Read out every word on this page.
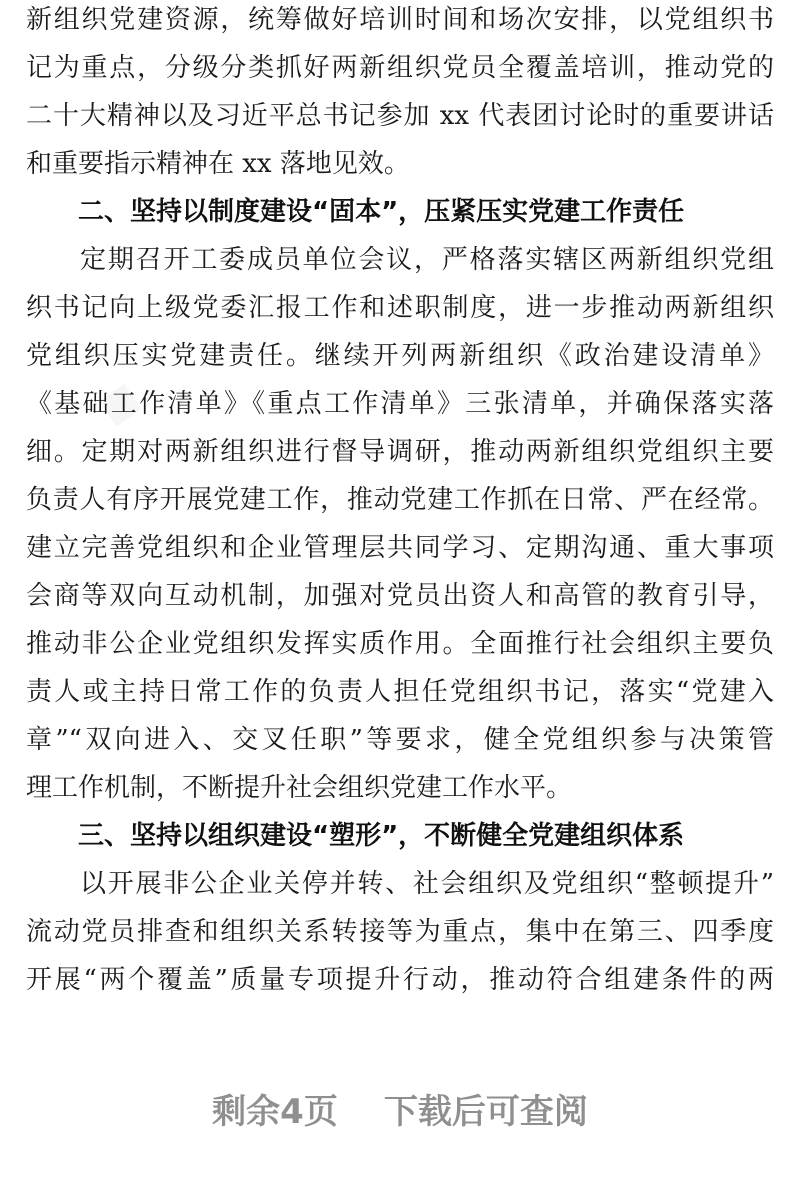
新组织党建资源，统筹做好培训时间和场次安排，以党组织书
记为重点，分级分类抓好两新组织党员全覆盖培训，推动党的
二十大精神以及习近平总书记参加 xx 代表团讨论时的重要讲话
和重要指示精神在 xx 落地见效。
二、坚持以制度建设“固本”，压紧压实党建工作责任
定期召开工委成员单位会议，严格落实辖区两新组织党组
织书记向上级党委汇报工作和述职制度，进一步推动两新组织
党组织压实党建责任。继续开列两新组织《政治建设清单》
《基础工作清单》《重点工作清单》三张清单，并确保落实落
细。定期对两新组织进行督导调研，推动两新组织党组织主要
负责人有序开展党建工作，推动党建工作抓在日常、严在经常。
建立完善党组织和企业管理层共同学习、定期沟通、重大事项
会商等双向互动机制，加强对党员出资人和高管的教育引导，
推动非公企业党组织发挥实质作用。全面推行社会组织主要负
责人或主持日常工作的负责人担任党组织书记，落实“党建入
章”“双向进入、交叉任职”等要求，健全党组织参与决策管
理工作机制，不断提升社会组织党建工作水平。
三、坚持以组织建设“塑形”，不断健全党建组织体系
以开展非公企业关停并转、社会组织及党组织“整顿提升”
流动党员排查和组织关系转接等为重点，集中在第三、四季度
开展“两个覆盖”质量专项提升行动，推动符合组建条件的两
剩余4页 下载后可查阅
